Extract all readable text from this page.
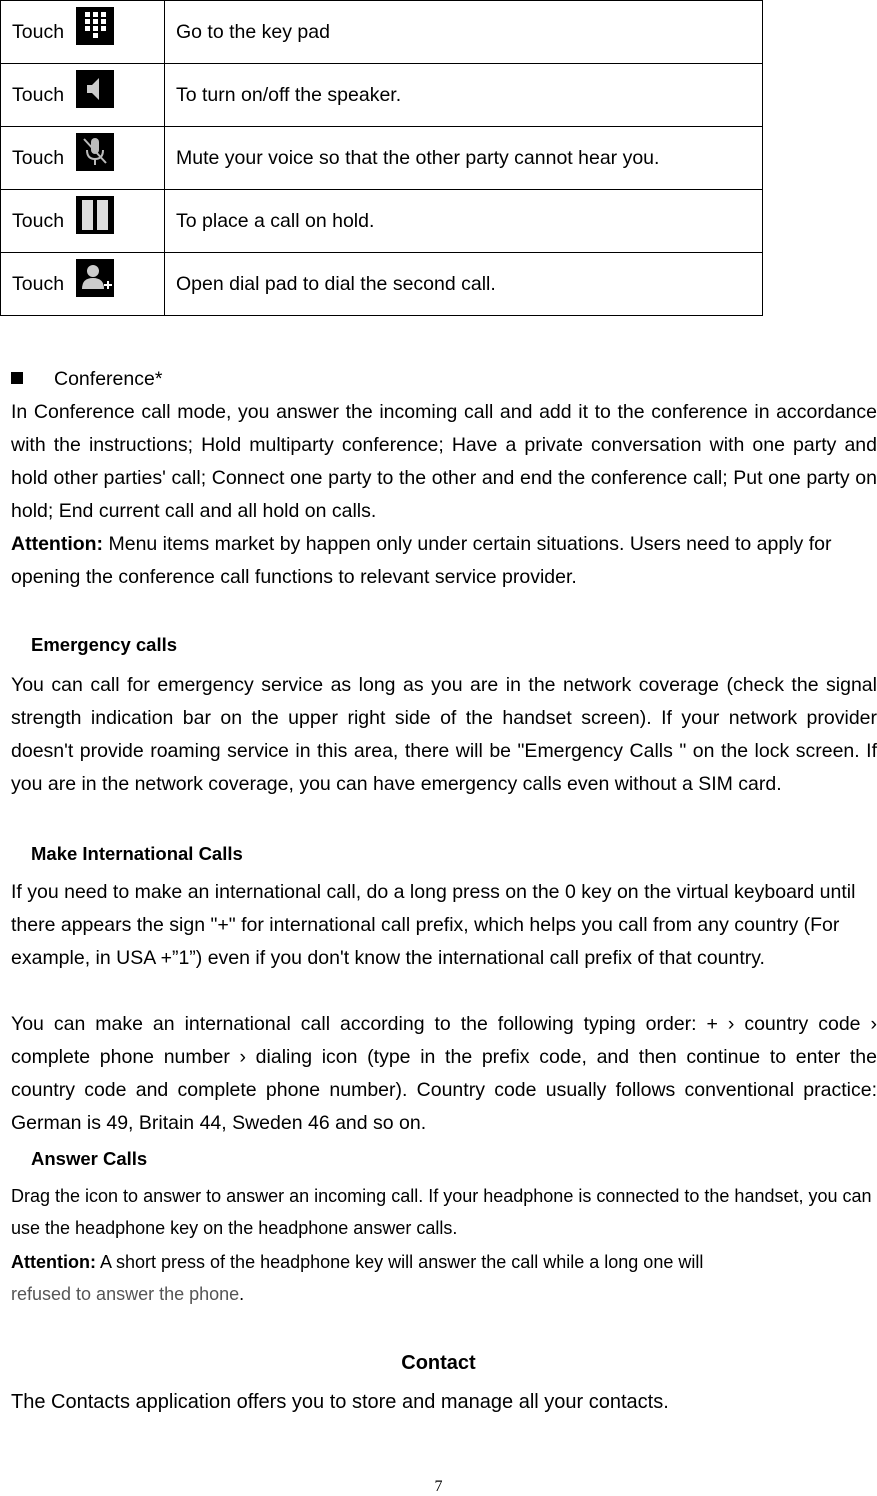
Touch	Go to the key pad
Touch	To turn on/off the speaker.
Touch	Mute your voice so that the other party cannot hear you.
Touch	To place a call on hold.
Touch	Open dial pad to dial the second call.
Conference*

In Conference call mode, you answer the incoming call and add it to the conference in accordance with the instructions; Hold multiparty conference; Have a private conversation with one party and hold other parties' call; Connect one party to the other and end the conference call; Put one party on hold; End current call and all hold on calls.

Attention: Menu items market by happen only under certain situations. Users need to apply for opening the conference call functions to relevant service provider.

Emergency calls

You can call for emergency service as long as you are in the network coverage (check the signal strength indication bar on the upper right side of the handset screen). If your network provider doesn't provide roaming service in this area, there will be "Emergency Calls " on the lock screen. If you are in the network coverage, you can have emergency calls even without a SIM card.

Make International Calls

If you need to make an international call, do a long press on the 0 key on the virtual keyboard until there appears the sign "+" for international call prefix, which helps you call from any country (For example, in USA +”1”) even if you don't know the international call prefix of that country.

You can make an international call according to the following typing order: + › country code › complete phone number › dialing icon (type in the prefix code, and then continue to enter the country code and complete phone number). Country code usually follows conventional practice: German is 49, Britain 44, Sweden 46 and so on.

Answer Calls

Drag the icon to answer to answer an incoming call. If your headphone is connected to the handset, you can use the headphone key on the headphone answer calls.

Attention: A short press of the headphone key will answer the call while a long one will
refused to answer the phone.

Contact

The Contacts application offers you to store and manage all your contacts.

7
